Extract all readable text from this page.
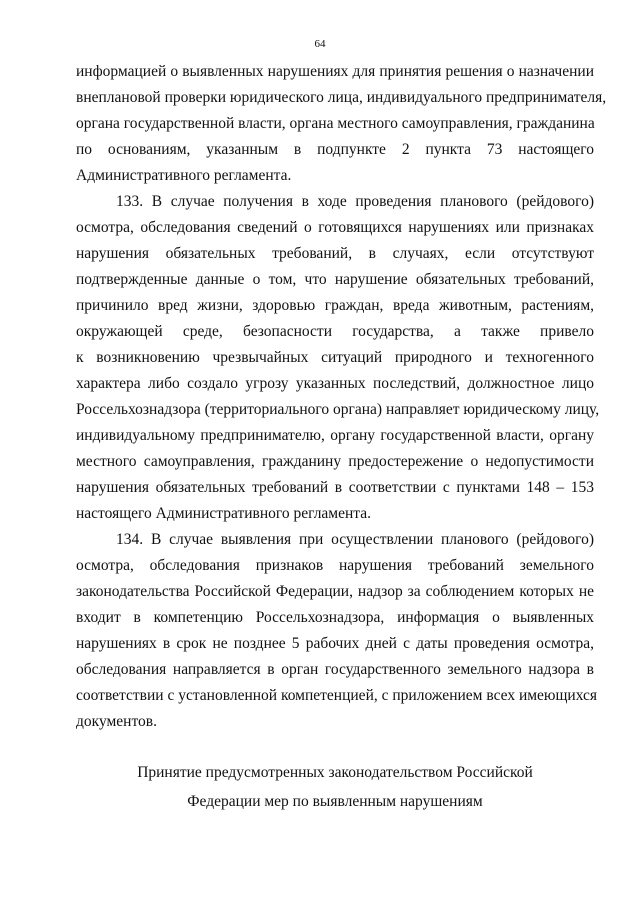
64
информацией о выявленных нарушениях для принятия решения о назначении
внеплановой проверки юридического лица, индивидуального предпринимателя,
органа государственной власти, органа местного самоуправления, гражданина
по основаниям, указанным в подпункте 2 пункта 73 настоящего
Административного регламента.
133. В случае получения в ходе проведения планового (рейдового)
осмотра, обследования сведений о готовящихся нарушениях или признаках
нарушения обязательных требований, в случаях, если отсутствуют
подтвержденные данные о том, что нарушение обязательных требований,
причинило вред жизни, здоровью граждан, вреда животным, растениям,
окружающей среде, безопасности государства, а также привело
к возникновению чрезвычайных ситуаций природного и техногенного
характера либо создало угрозу указанных последствий, должностное лицо
Россельхознадзора (территориального органа) направляет юридическому лицу,
индивидуальному предпринимателю, органу государственной власти, органу
местного самоуправления, гражданину предостережение о недопустимости
нарушения обязательных требований в соответствии с пунктами 148 – 153
настоящего Административного регламента.
134. В случае выявления при осуществлении планового (рейдового)
осмотра, обследования признаков нарушения требований земельного
законодательства Российской Федерации, надзор за соблюдением которых не
входит в компетенцию Россельхознадзора, информация о выявленных
нарушениях в срок не позднее 5 рабочих дней с даты проведения осмотра,
обследования направляется в орган государственного земельного надзора в
соответствии с установленной компетенцией, с приложением всех имеющихся
документов.
Принятие предусмотренных законодательством Российской
Федерации мер по выявленным нарушениям
